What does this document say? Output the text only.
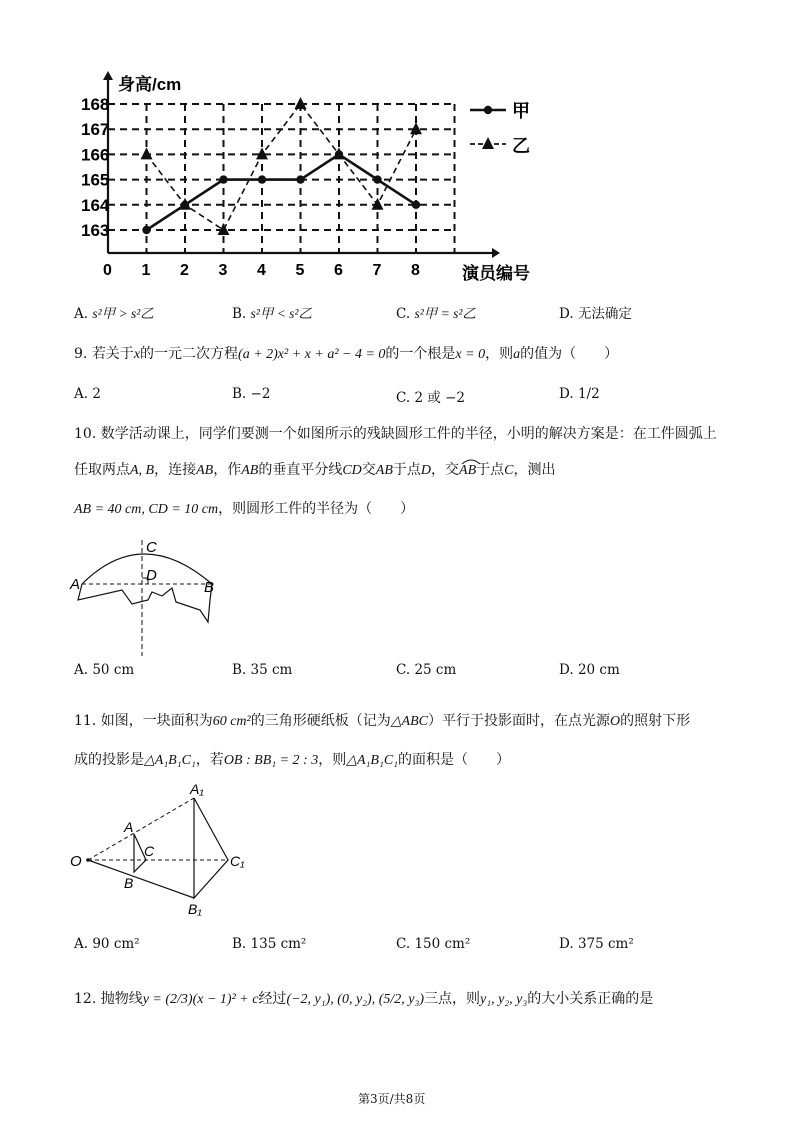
甲
乙
163
164
165
166
167
168
0 1 2 3 4 5 6 7 8
身高/cm
演员编号
A. s²甲 > s²乙	B. s²甲 < s²乙	C. s²甲 = s²乙	D. 无法确定
9. 若关于x的一元二次方程(a + 2)x² + x + a² − 4 = 0的一个根是x = 0，则a的值为（　　）
A. 2	B. −2	C. 2 或 −2	D. 1/2
10. 数学活动课上，同学们要测一个如图所示的残缺圆形工件的半径，小明的解决方案是：在工件圆弧上
任取两点A, B，连接AB，作AB的垂直平分线CD交AB于点D，交AB
于点C，测出
AB = 40 cm, CD = 10 cm，则圆形工件的半径为（　　）
A	B
C
D
A. 50 cm	B. 35 cm	C. 25 cm	D. 20 cm
11. 如图，一块面积为60 cm²的三角形硬纸板（记为△ABC）平行于投影面时，在点光源O的照射下形
成的投影是△A₁B₁C₁，若OB : BB₁ = 2 : 3，则△A₁B₁C₁的面积是（　　）
O
A
B
C
A₁
B₁
C₁
A. 90 cm²	B. 135 cm²	C. 150 cm²	D. 375 cm²
12. 抛物线y = (2/3)(x − 1)² + c经过(−2, y₁), (0, y₂), (5/2, y₃)三点，则y₁, y₂, y₃的大小关系正确的是
第3页/共8页
